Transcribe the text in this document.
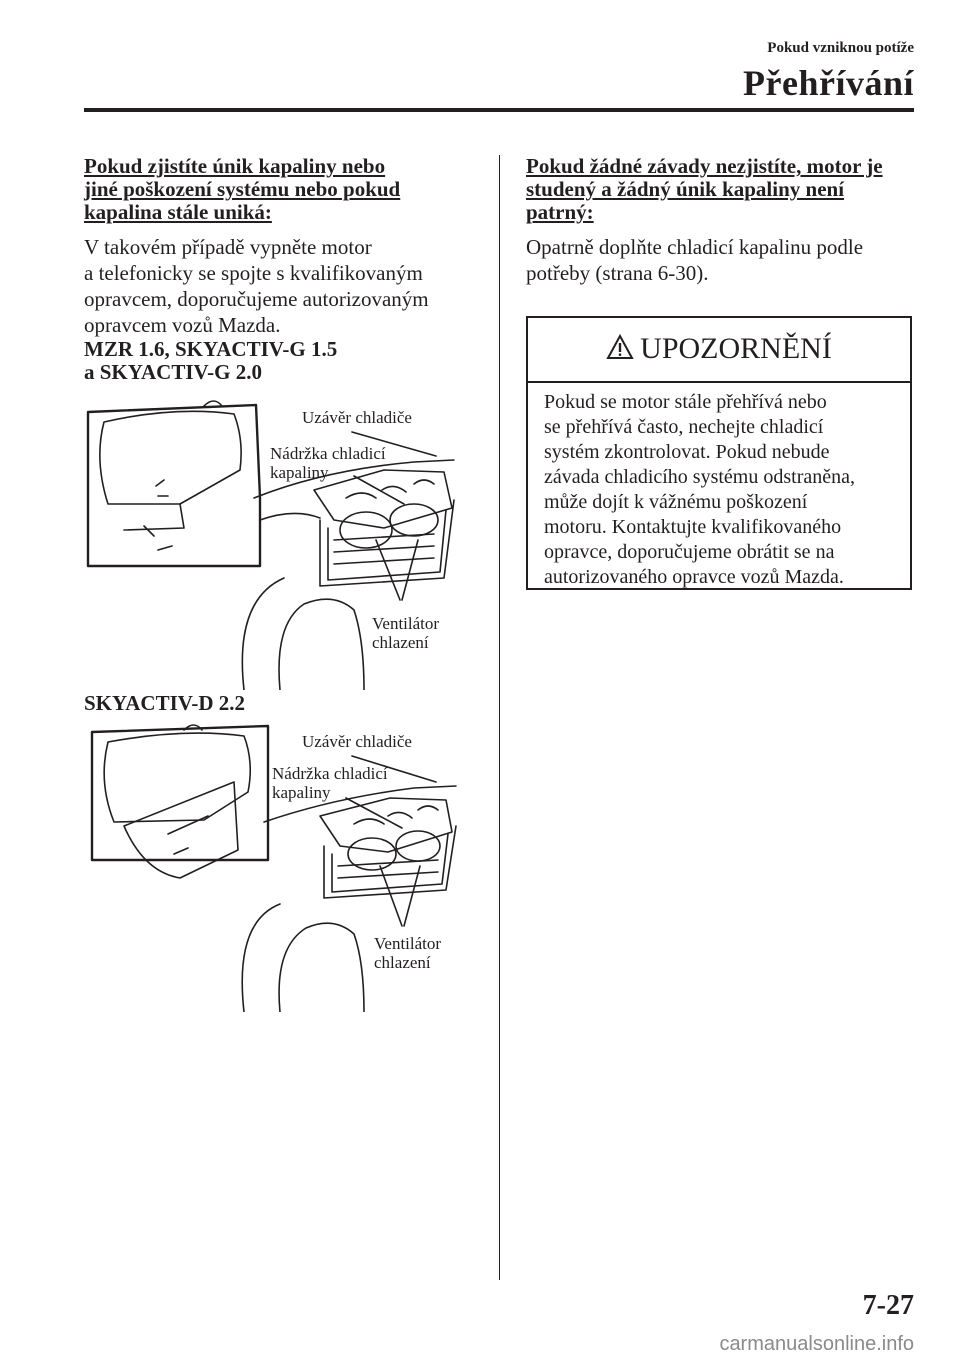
Pokud vzniknou potíže
Přehřívání

Pokud zjistíte únik kapaliny nebo
jiné poškození systému nebo pokud
kapalina stále uniká:

V takovém případě vypněte motor
a telefonicky se spojte s kvalifikovaným
opravcem, doporučujeme autorizovaným
opravcem vozů Mazda.

MZR 1.6, SKYACTIV-G 1.5
a SKYACTIV-G 2.0

Uzávěr chladiče
Nádržka chladicí
kapaliny
Ventilátor
chlazení
SKYACTIV-D 2.2
Uzávěr chladiče
Nádržka chladicí
kapaliny
Ventilátor
chlazení

Pokud žádné závady nezjistíte, motor je
studený a žádný únik kapaliny není
patrný:

Opatrně doplňte chladicí kapalinu podle
potřeby (strana 6-30).

UPOZORNĚNÍ
Pokud se motor stále přehřívá nebo
se přehřívá často, nechejte chladicí
systém zkontrolovat. Pokud nebude
závada chladicího systému odstraněna,
může dojít k vážnému poškození
motoru. Kontaktujte kvalifikovaného
opravce, doporučujeme obrátit se na
autorizovaného opravce vozů Mazda.
7-27
carmanualsonline.info
